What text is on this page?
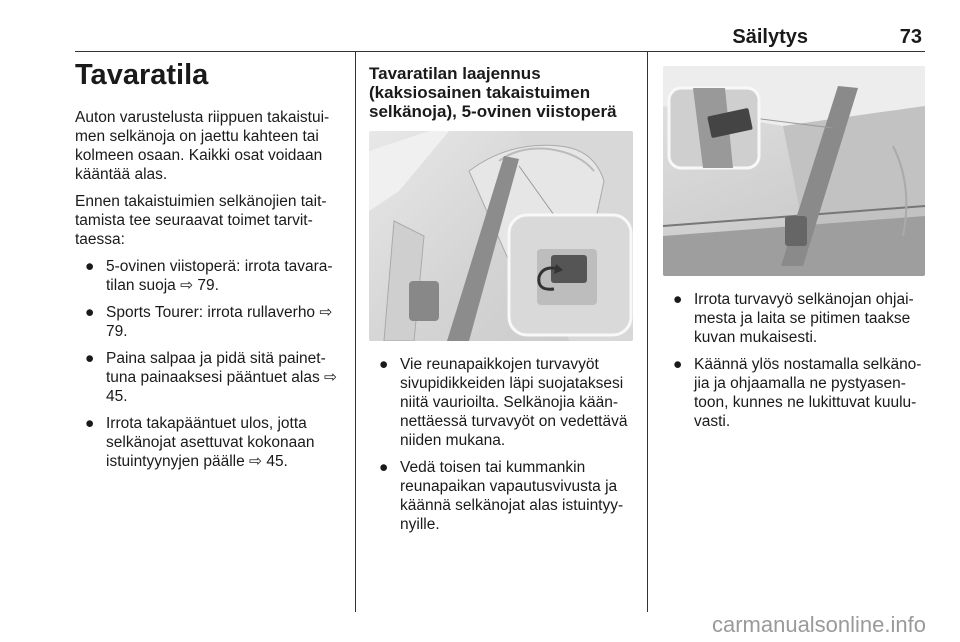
Säilytys	73
Tavaratila

Auton varustelusta riippuen takaistui-men selkänoja on jaettu kahteen tai kolmeen osaan. Kaikki osat voidaan kääntää alas.

Ennen takaistuimien selkänojien tait-tamista tee seuraavat toimet tarvit-taessa:

● 5-ovinen viistoperä: irrota tavara-tilan suoja ⇨ 79.
● Sports Tourer: irrota rullaverho ⇨ 79.
● Paina salpaa ja pidä sitä painet-tuna painaaksesi pääntuet alas ⇨ 45.
● Irrota takapääntuet ulos, jotta selkänojat asettuvat kokonaan istuintyynyjen päälle ⇨ 45.
Tavaratilan laajennus (kaksiosainen takaistuimen selkänoja), 5-ovinen viistoperä
● Vie reunapaikkojen turvavyöt sivupidikkeiden läpi suojataksesi niitä vaurioilta. Selkänojia kään-nettäessä turvavyöt on vedettävä niiden mukana.
● Vedä toisen tai kummankin reunapaikan vapautusvivusta ja käännä selkänojat alas istuintyy-nyille.
● Irrota turvavyö selkänojan ohjai-mesta ja laita se pitimen taakse kuvan mukaisesti.
● Käännä ylös nostamalla selkäno-jia ja ohjaamalla ne pystyasen-toon, kunnes ne lukittuvat kuulu-vasti.
carmanualsonline.info
